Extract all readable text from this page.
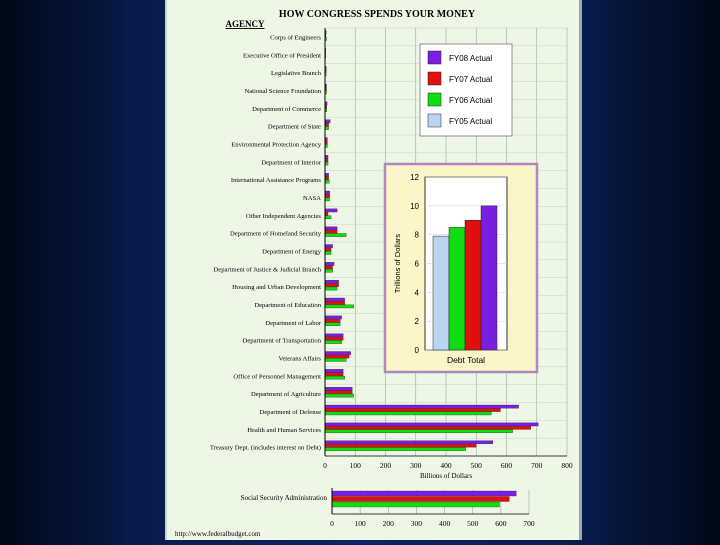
HOW CONGRESS SPENDS YOUR MONEY
AGENCY
Corps of Engineers
Executive Office of President
Legislative Branch
National Science Foundation
Department of Commerce
Department of State
Environmental Protection Agency
Department of Interior
International Assistance Programs
NASA
Other Independent Agencies
Department of Homeland Security
Department of Energy
Department of Justice & Judicial Branch
Housing and Urban Development
Department of Education
Department of Labor
Department of Transportation
Veterans Affairs
Office of Personnel Management
Department of Agriculture
Department of Defense
Health and Human Services
Treasury Dept. (includes interest on Debt)
0	100	200	300	400	500	600	700	800
Billions of Dollars
Social Security Administration
0	100 200 300 400 500 600 700
FY08 Actual
FY07 Actual
FY06 Actual
FY05 Actual
0
2
4
6
8
10
12
Trillions of Dollars
Debt Total
http://www.federalbudget.com
